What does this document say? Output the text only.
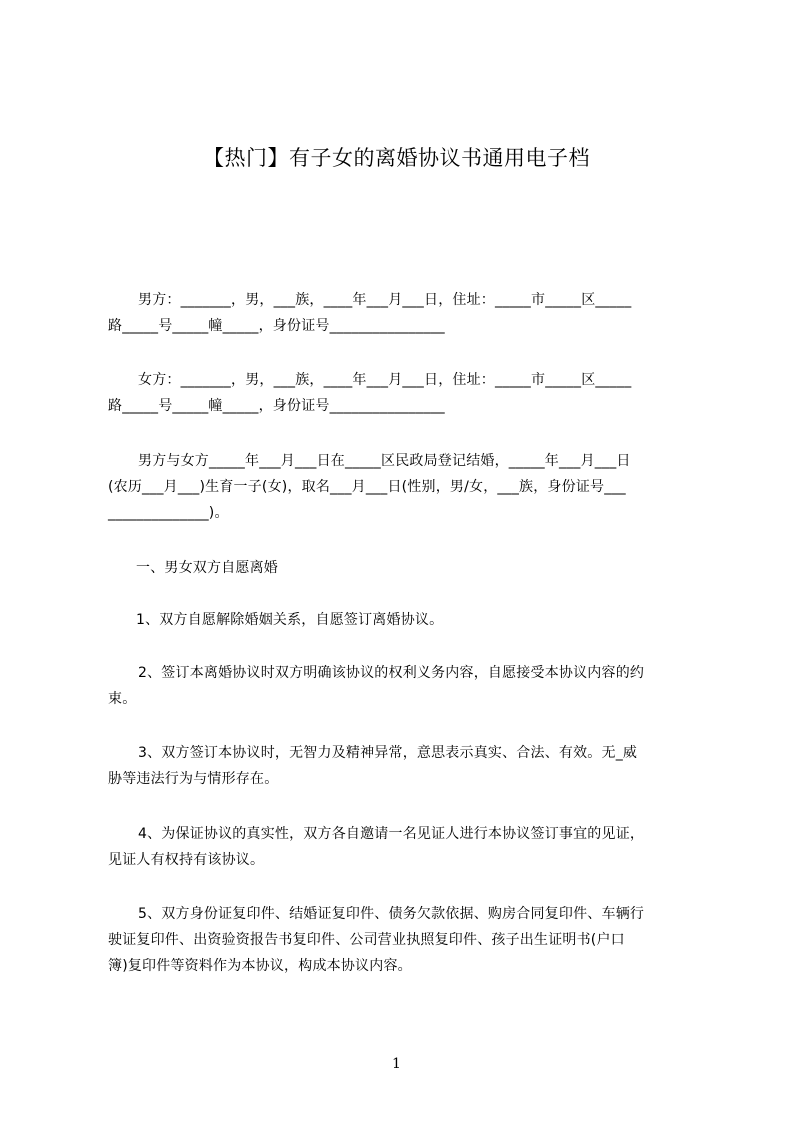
【热门】有子女的离婚协议书通用电子档

男方：_______，男，___族，____年___月___日，住址：_____市_____区_____

路_____号_____幢_____，身份证号________________

女方：_______，男，___族，____年___月___日，住址：_____市_____区_____

路_____号_____幢_____，身份证号________________

男方与女方_____年___月___日在_____区民政局登记结婚，_____年___月___日

(农历___月___)生育一子(女)，取名___月___日(性别，男/女，___族，身份证号___

______________)。

一、男女双方自愿离婚

1、双方自愿解除婚姻关系，自愿签订离婚协议。

2、签订本离婚协议时双方明确该协议的权利义务内容，自愿接受本协议内容的约

束。

3、双方签订本协议时，无智力及精神异常，意思表示真实、合法、有效。无_威

胁等违法行为与情形存在。

4、为保证协议的真实性，双方各自邀请一名见证人进行本协议签订事宜的见证，

见证人有权持有该协议。

5、双方身份证复印件、结婚证复印件、债务欠款依据、购房合同复印件、车辆行

驶证复印件、出资验资报告书复印件、公司营业执照复印件、孩子出生证明书(户口

簿)复印件等资料作为本协议，构成本协议内容。

1
